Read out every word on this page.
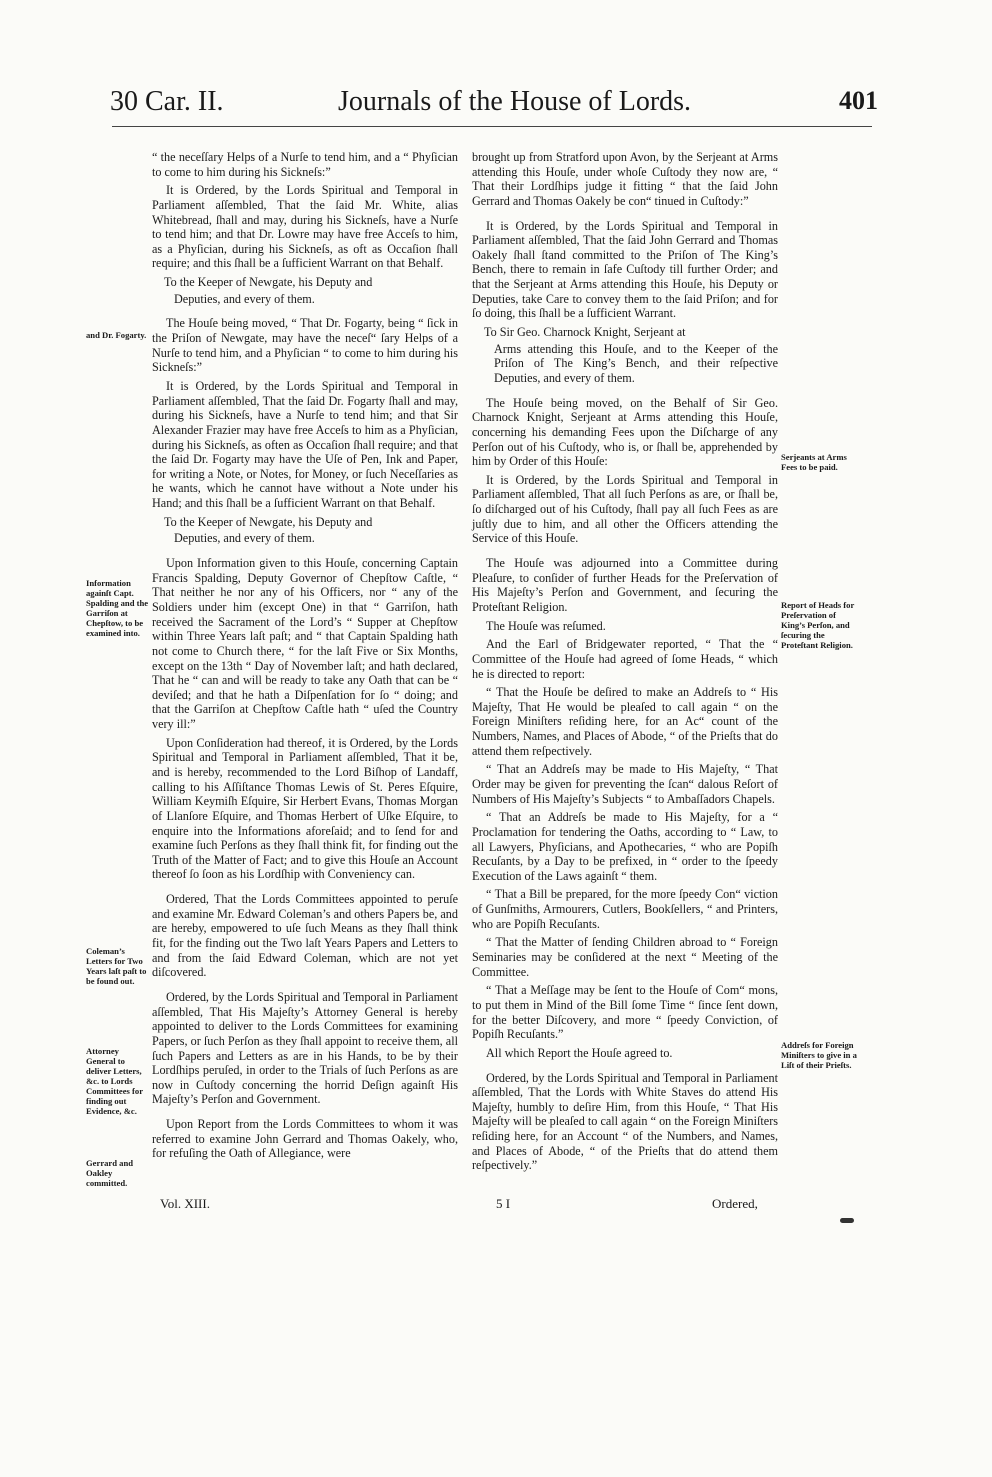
30 Car. II.	Journals of the House of Lords.	401
and Dr. Fogarty.
Information againſt Capt. Spalding and the Garriſon at Chepſtow, to be examined into.
Coleman’s Letters for Two Years laſt paſt to be found out.
Attorney General to deliver Letters, &c. to Lords Committees for finding out Evidence, &c.
Gerrard and Oakley committed.
Serjeants at Arms Fees to be paid.
Report of Heads for Preſervation of King’s Perſon, and ſecuring the Proteſtant Religion.
Addreſs for Foreign Miniſters to give in a Liſt of their Prieſts.

“ the neceſſary Helps of a Nurſe to tend him, and a “ Phyſician to come to him during his Sickneſs:”

It is Ordered, by the Lords Spiritual and Temporal in Parliament aſſembled, That the ſaid Mr. White, alias Whitebread, ſhall and may, during his Sickneſs, have a Nurſe to tend him; and that Dr. Lowre may have free Acceſs to him, as a Phyſician, during his Sickneſs, as oft as Occaſion ſhall require; and this ſhall be a ſufficient Warrant on that Behalf.

To the Keeper of Newgate, his Deputy and

Deputies, and every of them.

The Houſe being moved, “ That Dr. Fogarty, being “ ſick in the Priſon of Newgate, may have the neceſ“ ſary Helps of a Nurſe to tend him, and a Phyſician “ to come to him during his Sickneſs:”

It is Ordered, by the Lords Spiritual and Temporal in Parliament aſſembled, That the ſaid Dr. Fogarty ſhall and may, during his Sickneſs, have a Nurſe to tend him; and that Sir Alexander Frazier may have free Acceſs to him as a Phyſician, during his Sickneſs, as often as Occaſion ſhall require; and that the ſaid Dr. Fogarty may have the Uſe of Pen, Ink and Paper, for writing a Note, or Notes, for Money, or ſuch Neceſſaries as he wants, which he cannot have without a Note under his Hand; and this ſhall be a ſufficient Warrant on that Behalf.

To the Keeper of Newgate, his Deputy and

Deputies, and every of them.

Upon Information given to this Houſe, concerning Captain Francis Spalding, Deputy Governor of Chepſtow Caſtle, “ That neither he nor any of his Officers, nor “ any of the Soldiers under him (except One) in that “ Garriſon, hath received the Sacrament of the Lord’s “ Supper at Chepſtow within Three Years laſt paſt; and “ that Captain Spalding hath not come to Church there, “ for the laſt Five or Six Months, except on the 13th “ Day of November laſt; and hath declared, That he “ can and will be ready to take any Oath that can be “ deviſed; and that he hath a Diſpenſation for ſo “ doing; and that the Garriſon at Chepſtow Caſtle hath “ uſed the Country very ill:”

Upon Conſideration had thereof, it is Ordered, by the Lords Spiritual and Temporal in Parliament aſſembled, That it be, and is hereby, recommended to the Lord Biſhop of Landaff, calling to his Aſſiſtance Thomas Lewis of St. Peres Eſquire, William Keymiſh Eſquire, Sir Herbert Evans, Thomas Morgan of Llanſore Eſquire, and Thomas Herbert of Uſke Eſquire, to enquire into the Informations aforeſaid; and to ſend for and examine ſuch Perſons as they ſhall think fit, for finding out the Truth of the Matter of Fact; and to give this Houſe an Account thereof ſo ſoon as his Lordſhip with Conveniency can.

Ordered, That the Lords Committees appointed to peruſe and examine Mr. Edward Coleman’s and others Papers be, and are hereby, empowered to uſe ſuch Means as they ſhall think fit, for the finding out the Two laſt Years Papers and Letters to and from the ſaid Edward Coleman, which are not yet diſcovered.

Ordered, by the Lords Spiritual and Temporal in Parliament aſſembled, That His Majeſty’s Attorney General is hereby appointed to deliver to the Lords Committees for examining Papers, or ſuch Perſon as they ſhall appoint to receive them, all ſuch Papers and Letters as are in his Hands, to be by their Lordſhips peruſed, in order to the Trials of ſuch Perſons as are now in Cuſtody concerning the horrid Deſign againſt His Majeſty’s Perſon and Government.

Upon Report from the Lords Committees to whom it was referred to examine John Gerrard and Thomas Oakely, who, for refuſing the Oath of Allegiance, were

brought up from Stratford upon Avon, by the Serjeant at Arms attending this Houſe, under whoſe Cuſtody they now are, “ That their Lordſhips judge it fitting “ that the ſaid John Gerrard and Thomas Oakely be con“ tinued in Cuſtody:”

It is Ordered, by the Lords Spiritual and Temporal in Parliament aſſembled, That the ſaid John Gerrard and Thomas Oakely ſhall ſtand committed to the Priſon of The King’s Bench, there to remain in ſafe Cuſtody till further Order; and that the Serjeant at Arms attending this Houſe, his Deputy or Deputies, take Care to convey them to the ſaid Priſon; and for ſo doing, this ſhall be a ſufficient Warrant.

To Sir Geo. Charnock Knight, Serjeant at

Arms attending this Houſe, and to the Keeper of the Priſon of The King’s Bench, and their reſpective Deputies, and every of them.

The Houſe being moved, on the Behalf of Sir Geo. Charnock Knight, Serjeant at Arms attending this Houſe, concerning his demanding Fees upon the Diſcharge of any Perſon out of his Cuſtody, who is, or ſhall be, apprehended by him by Order of this Houſe:

It is Ordered, by the Lords Spiritual and Temporal in Parliament aſſembled, That all ſuch Perſons as are, or ſhall be, ſo diſcharged out of his Cuſtody, ſhall pay all ſuch Fees as are juſtly due to him, and all other the Officers attending the Service of this Houſe.

The Houſe was adjourned into a Committee during Pleaſure, to conſider of further Heads for the Preſervation of His Majeſty’s Perſon and Government, and ſecuring the Proteſtant Religion.

The Houſe was reſumed.

And the Earl of Bridgewater reported, “ That the “ Committee of the Houſe had agreed of ſome Heads, “ which he is directed to report:

“ That the Houſe be deſired to make an Addreſs to “ His Majeſty, That He would be pleaſed to call again “ on the Foreign Miniſters reſiding here, for an Ac“ count of the Numbers, Names, and Places of Abode, “ of the Prieſts that do attend them reſpectively.

“ That an Addreſs may be made to His Majeſty, “ That Order may be given for preventing the ſcan“ dalous Reſort of Numbers of His Majeſty’s Subjects “ to Ambaſſadors Chapels.

“ That an Addreſs be made to His Majeſty, for a “ Proclamation for tendering the Oaths, according to “ Law, to all Lawyers, Phyſicians, and Apothecaries, “ who are Popiſh Recuſants, by a Day to be prefixed, in “ order to the ſpeedy Execution of the Laws againſt “ them.

“ That a Bill be prepared, for the more ſpeedy Con“ viction of Gunſmiths, Armourers, Cutlers, Bookſellers, “ and Printers, who are Popiſh Recuſants.

“ That the Matter of ſending Children abroad to “ Foreign Seminaries may be conſidered at the next “ Meeting of the Committee.

“ That a Meſſage may be ſent to the Houſe of Com“ mons, to put them in Mind of the Bill ſome Time “ ſince ſent down, for the better Diſcovery, and more “ ſpeedy Conviction, of Popiſh Recuſants.”

All which Report the Houſe agreed to.

Ordered, by the Lords Spiritual and Temporal in Parliament aſſembled, That the Lords with White Staves do attend His Majeſty, humbly to deſire Him, from this Houſe, “ That His Majeſty will be pleaſed to call again “ on the Foreign Miniſters reſiding here, for an Account “ of the Numbers, and Names, and Places of Abode, “ of the Prieſts that do attend them reſpectively.”

Vol. XIII.	5 I	Ordered,
